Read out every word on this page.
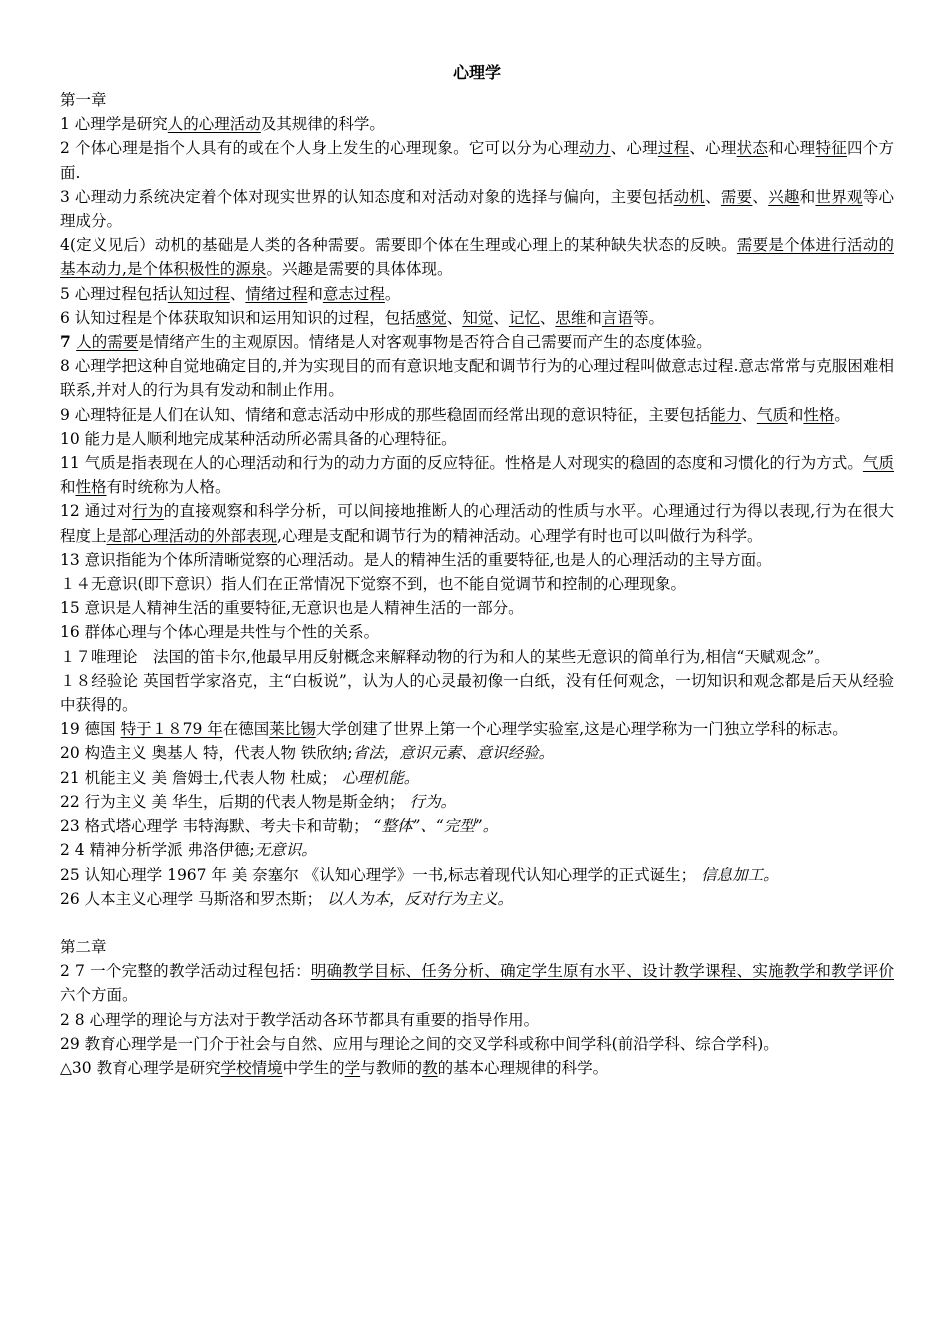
心理学
第一章
1 心理学是研究人的心理活动及其规律的科学。
2 个体心理是指个人具有的或在个人身上发生的心理现象。它可以分为心理动力、心理过程、心理状态和心理特征四个方面.
3 心理动力系统决定着个体对现实世界的认知态度和对活动对象的选择与偏向，主要包括动机、需要、兴趣和世界观等心理成分。
4(定义见后）动机的基础是人类的各种需要。需要即个体在生理或心理上的某种缺失状态的反映。需要是个体进行活动的基本动力,是个体积极性的源泉。兴趣是需要的具体体现。
5 心理过程包括认知过程、情绪过程和意志过程。
6 认知过程是个体获取知识和运用知识的过程，包括感觉、知觉、记忆、思维和言语等。
7 人的需要是情绪产生的主观原因。情绪是人对客观事物是否符合自己需要而产生的态度体验。
8 心理学把这种自觉地确定目的,并为实现目的而有意识地支配和调节行为的心理过程叫做意志过程.意志常常与克服困难相联系,并对人的行为具有发动和制止作用。
9 心理特征是人们在认知、情绪和意志活动中形成的那些稳固而经常出现的意识特征，主要包括能力、气质和性格。
10 能力是人顺利地完成某种活动所必需具备的心理特征。
11 气质是指表现在人的心理活动和行为的动力方面的反应特征。性格是人对现实的稳固的态度和习惯化的行为方式。气质和性格有时统称为人格。
12 通过对行为的直接观察和科学分析，可以间接地推断人的心理活动的性质与水平。心理通过行为得以表现,行为在很大程度上是部心理活动的外部表现,心理是支配和调节行为的精神活动。心理学有时也可以叫做行为科学。
13 意识指能为个体所清晰觉察的心理活动。是人的精神生活的重要特征,也是人的心理活动的主导方面。
１４无意识(即下意识）指人们在正常情况下觉察不到，也不能自觉调节和控制的心理现象。
15 意识是人精神生活的重要特征,无意识也是人精神生活的一部分。
16 群体心理与个体心理是共性与个性的关系。
１７唯理论　法国的笛卡尔,他最早用反射概念来解释动物的行为和人的某些无意识的简单行为,相信“天赋观念”。
１８经验论 英国哲学家洛克，主“白板说”，认为人的心灵最初像一白纸，没有任何观念，一切知识和观念都是后天从经验中获得的。
19 德国 特于１８79 年在德国莱比锡大学创建了世界上第一个心理学实验室,这是心理学称为一门独立学科的标志。
20 构造主义 奥基人 特，代表人物 铁欣纳;省法，意识元素、意识经验。
21 机能主义 美 詹姆士,代表人物 杜威； 心理机能。
22 行为主义 美 华生，后期的代表人物是斯金纳； 行为。
23 格式塔心理学 韦特海默、考夫卡和苛勒； “整体”、“完型”。
2 4 精神分析学派 弗洛伊德;无意识。
25 认知心理学 1967 年 美 奈塞尔 《认知心理学》一书,标志着现代认知心理学的正式诞生； 信息加工。
26 人本主义心理学 马斯洛和罗杰斯； 以人为本，反对行为主义。
第二章
2 7 一个完整的教学活动过程包括：明确教学目标、任务分析、确定学生原有水平、设计教学课程、实施教学和教学评价六个方面。
2 8 心理学的理论与方法对于教学活动各环节都具有重要的指导作用。
29 教育心理学是一门介于社会与自然、应用与理论之间的交叉学科或称中间学科(前沿学科、综合学科)。
△30 教育心理学是研究学校情境中学生的学与教师的教的基本心理规律的科学。
